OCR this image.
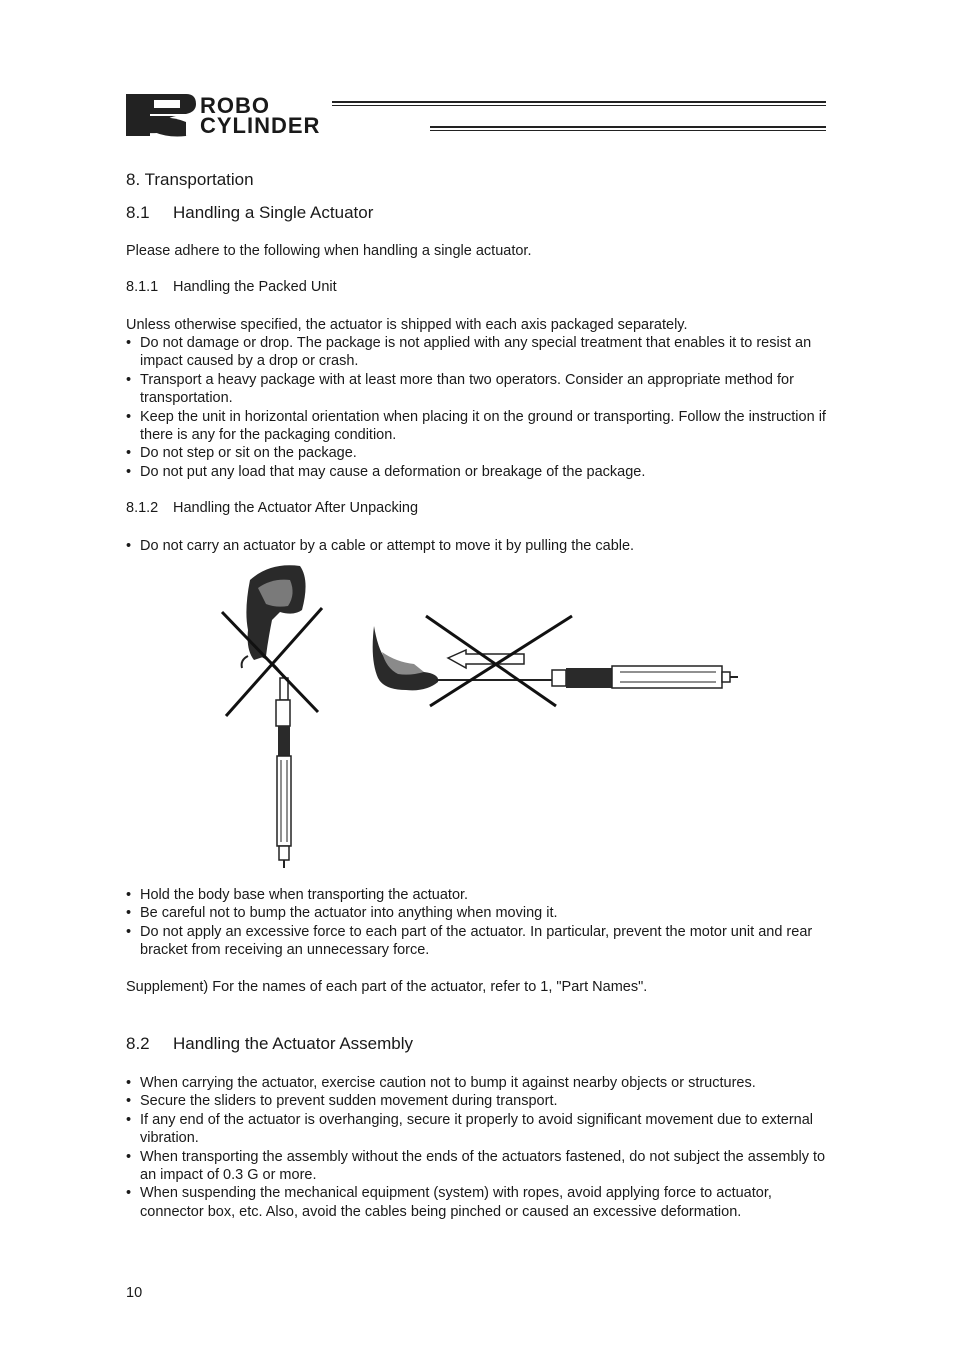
ROBO
CYLINDER
8. Transportation
8.1 Handling a Single Actuator
Please adhere to the following when handling a single actuator.
8.1.1 Handling the Packed Unit
Unless otherwise specified, the actuator is shipped with each axis packaged separately.
• Do not damage or drop. The package is not applied with any special treatment that enables it to resist an impact caused by a drop or crash.
• Transport a heavy package with at least more than two operators. Consider an appropriate method for transportation.
• Keep the unit in horizontal orientation when placing it on the ground or transporting. Follow the instruction if there is any for the packaging condition.
• Do not step or sit on the package.
• Do not put any load that may cause a deformation or breakage of the package.
8.1.2 Handling the Actuator After Unpacking
• Do not carry an actuator by a cable or attempt to move it by pulling the cable.
• Hold the body base when transporting the actuator.
• Be careful not to bump the actuator into anything when moving it.
• Do not apply an excessive force to each part of the actuator. In particular, prevent the motor unit and rear bracket from receiving an unnecessary force.
Supplement) For the names of each part of the actuator, refer to 1, "Part Names".
8.2 Handling the Actuator Assembly
• When carrying the actuator, exercise caution not to bump it against nearby objects or structures.
• Secure the sliders to prevent sudden movement during transport.
• If any end of the actuator is overhanging, secure it properly to avoid significant movement due to external vibration.
• When transporting the assembly without the ends of the actuators fastened, do not subject the assembly to an impact of 0.3 G or more.
• When suspending the mechanical equipment (system) with ropes, avoid applying force to actuator, connector box, etc. Also, avoid the cables being pinched or caused an excessive deformation.
10
